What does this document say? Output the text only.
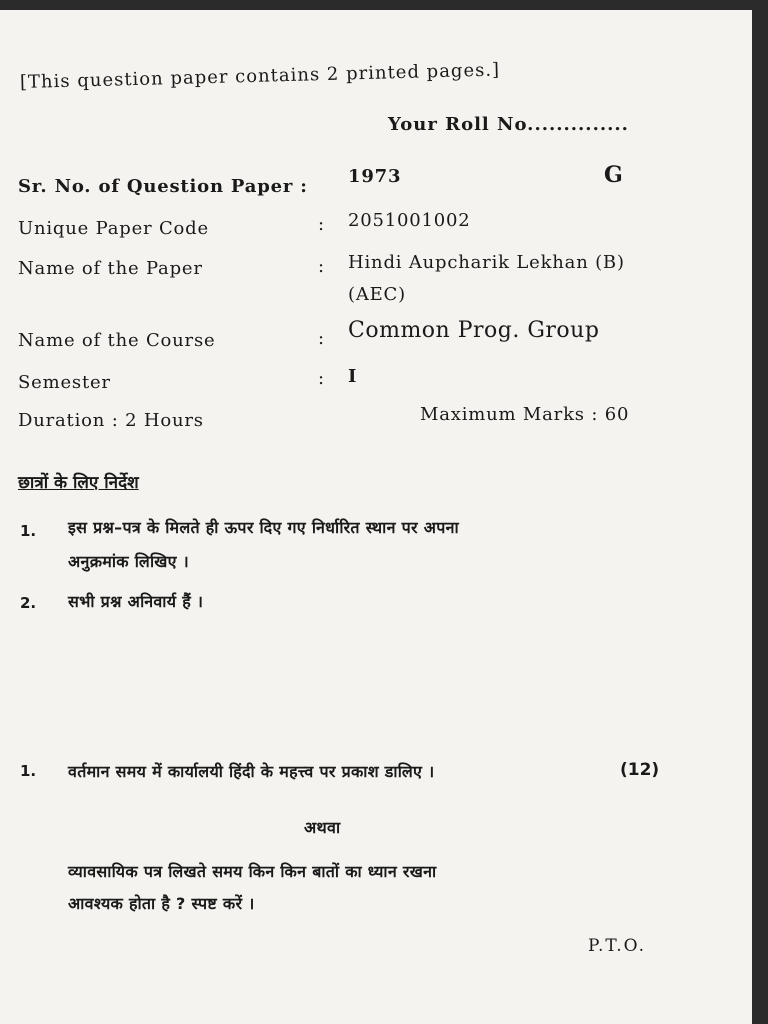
[This question paper contains 2 printed pages.]
Your Roll No..............
Sr. No. of Question Paper : 1973	G
Unique Paper Code	: 2051001002
Name of the Paper	: Hindi Aupcharik Lekhan (B)
(AEC)
Name of the Course	: Common Prog. Group
Semester	: I
Duration : 2 Hours	Maximum Marks : 60
छात्रों के लिए निर्देश
1. इस प्रश्न–पत्र के मिलते ही ऊपर दिए गए निर्धारित स्थान पर अपना
अनुक्रमांक लिखिए ।
2. सभी प्रश्न अनिवार्य हैं ।
1. वर्तमान समय में कार्यालयी हिंदी के महत्त्व पर प्रकाश डालिए ।	(12)
अथवा
व्यावसायिक पत्र लिखते समय किन किन बातों का ध्यान रखना
आवश्यक होता है ? स्पष्ट करें ।
P.T.O.
